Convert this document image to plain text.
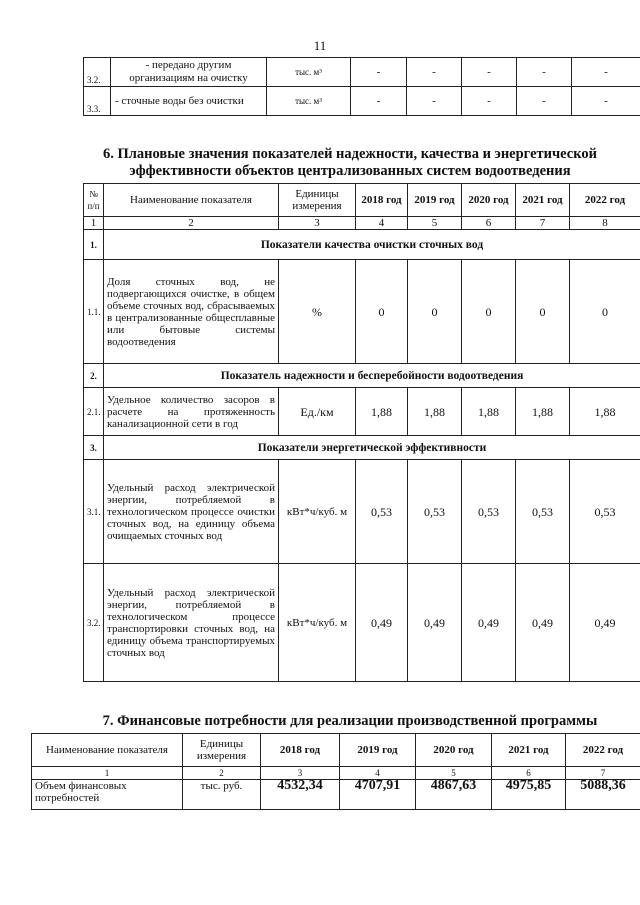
11
3.2.	- передано другим организациям на очистку	тыс. м³	-	-	-	-	-
3.3.	- сточные воды без очистки	тыс. м³	-	-	-	-	-
6. Плановые значения показателей надежности, качества и энергетической эффективности объектов централизованных систем водоотведения
№ п/п	Наименование показателя	Единицы измерения	2018 год	2019 год	2020 год	2021 год	2022 год
1	2	3	4	5	6	7	8
1.	Показатели качества очистки сточных вод						
1.1.	Доля сточных вод, не подвергающихся очистке, в общем объеме сточных вод, сбрасываемых в централизованные общесплавные или бытовые системы водоотведения	%	0	0	0	0	0
2.	Показатель надежности и бесперебойности водоотведения						
2.1.	Удельное количество засоров в расчете на протяженность канализационной сети в год	Ед./км	1,88	1,88	1,88	1,88	1,88
3.	Показатели энергетической эффективности						
3.1.	Удельный расход электрической энергии, потребляемой в технологическом процессе очистки сточных вод, на единицу объема очищаемых сточных вод	кВт*ч/куб. м	0,53	0,53	0,53	0,53	0,53
3.2.	Удельный расход электрической энергии, потребляемой в технологическом процессе транспортировки сточных вод, на единицу объема транспортируемых сточных вод	кВт*ч/куб. м	0,49	0,49	0,49	0,49	0,49
7. Финансовые потребности для реализации производственной программы
Наименование показателя	Единицы измерения	2018 год	2019 год	2020 год	2021 год	2022 год
1	2	3	4	5	6	7
Объем финансовых потребностей	тыс. руб.	4532,34	4707,91	4867,63	4975,85	5088,36
